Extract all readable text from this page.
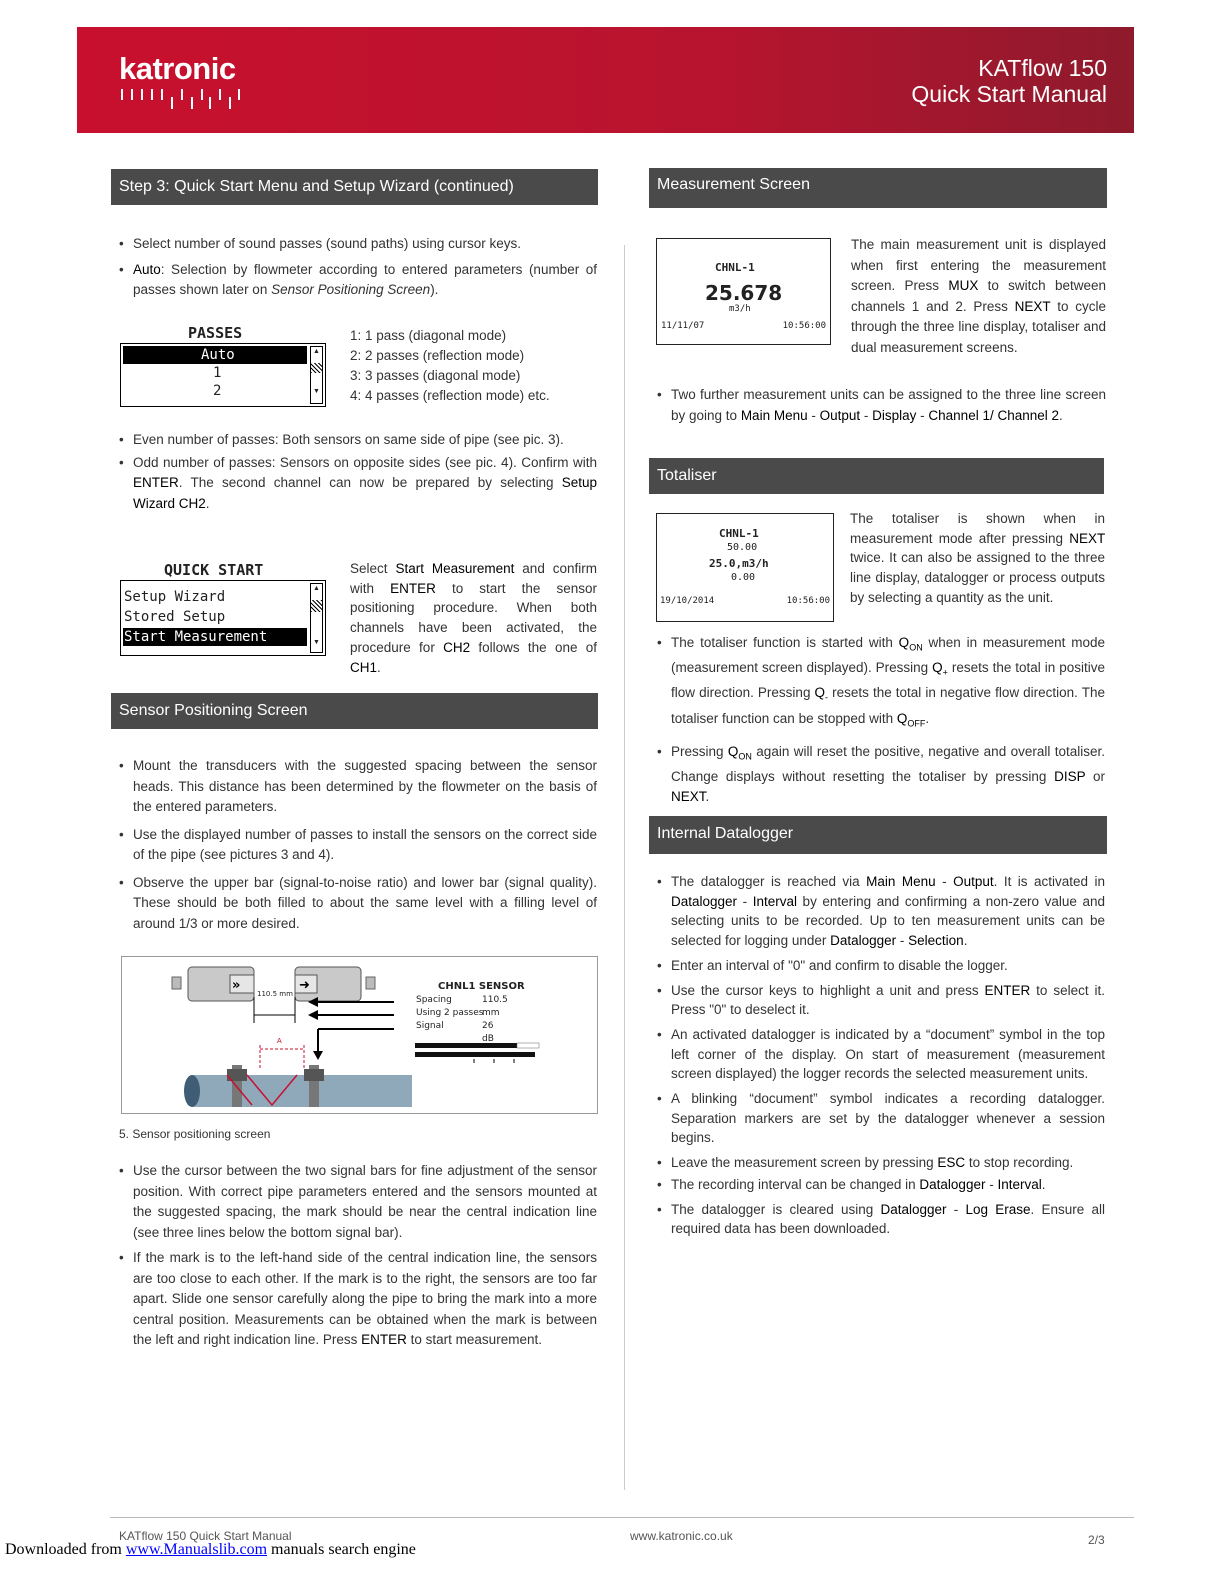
katronic	KATflow 150
Quick Start Manual
Step 3: Quick Start Menu and Setup Wizard (continued)
• Select number of sound passes (sound paths) using cursor keys.
• Auto: Selection by flowmeter according to entered parameters (number of passes shown later on Sensor Positioning Screen).
PASSES
Auto
1
2
▲
▼
1: 1 pass (diagonal mode)
2: 2 passes (reflection mode)
3: 3 passes (diagonal mode)
4: 4 passes (reflection mode) etc.
• Even number of passes: Both sensors on same side of pipe (see pic. 3).
• Odd number of passes: Sensors on opposite sides (see pic. 4). Confirm with ENTER. The second channel can now be prepared by selecting Setup Wizard CH2.
QUICK START
Setup Wizard
Stored Setup
Start Measurement
▲
▼
Select Start Measurement and confirm with ENTER to start the sensor positioning procedure. When both channels have been activated, the procedure for CH2 follows the one of CH1.
Sensor Positioning Screen
• Mount the transducers with the suggested spacing between the sensor heads. This distance has been determined by the flowmeter on the basis of the entered parameters.
• Use the displayed number of passes to install the sensors on the correct side of the pipe (see pictures 3 and 4).
• Observe the upper bar (signal-to-noise ratio) and lower bar (signal quality). These should be both filled to about the same level with a filling level of around 1/3 or more desired.
»	➜
110.5 mm
A
CHNL1 SENSOR
Spacing	110.5 mm
Using 2 passes
Signal	26 dB
5. Sensor positioning screen
• Use the cursor between the two signal bars for fine adjustment of the sensor position. With correct pipe parameters entered and the sensors mounted at the suggested spacing, the mark should be near the central indication line (see three lines below the bottom signal bar).
• If the mark is to the left-hand side of the central indication line, the sensors are too close to each other. If the mark is to the right, the sensors are too far apart. Slide one sensor carefully along the pipe to bring the mark into a more central position. Measurements can be obtained when the mark is between the left and right indication line. Press ENTER to start measurement.
Measurement Screen
CHNL-1
25.678
m3/h
11/11/07	10:56:00
The main measurement unit is displayed when first entering the measurement screen. Press MUX to switch between channels 1 and 2. Press NEXT to cycle through the three line display, totaliser and dual measurement screens.
• Two further measurement units can be assigned to the three line screen by going to Main Menu - Output - Display - Channel 1/ Channel 2.
Totaliser
CHNL-1
50.00
25.0,m3/h
0.00
19/10/2014	10:56:00
The totaliser is shown when in measurement mode after pressing NEXT twice. It can also be assigned to the three line display, datalogger or process outputs by selecting a quantity as the unit.
• The totaliser function is started with $Q_{ON}$ when in measurement mode (measurement screen displayed). Pressing $Q_+$ resets the total in positive flow direction. Pressing $Q_-$ resets the total in negative flow direction. The totaliser function can be stopped with $Q_{OFF}$.
• Pressing $Q_{ON}$ again will reset the positive, negative and overall totaliser. Change displays without resetting the totaliser by pressing DISP or NEXT.
Internal Datalogger
• The datalogger is reached via Main Menu - Output. It is activated in Datalogger - Interval by entering and confirming a non-zero value and selecting units to be recorded. Up to ten measurement units can be selected for logging under Datalogger - Selection.
• Enter an interval of "0" and confirm to disable the logger.
• Use the cursor keys to highlight a unit and press ENTER to select it. Press "0" to deselect it.
• An activated datalogger is indicated by a “document” symbol in the top left corner of the display. On start of measurement (measurement screen displayed) the logger records the selected measurement units.
• A blinking “document” symbol indicates a recording datalogger. Separation markers are set by the datalogger whenever a session begins.
• Leave the measurement screen by pressing ESC to stop recording.
• The recording interval can be changed in Datalogger - Interval.
• The datalogger is cleared using Datalogger - Log Erase. Ensure all required data has been downloaded.
KATflow 150 Quick Start Manual	www.katronic.co.uk	2/3
Downloaded from www.Manualslib.com manuals search engine
